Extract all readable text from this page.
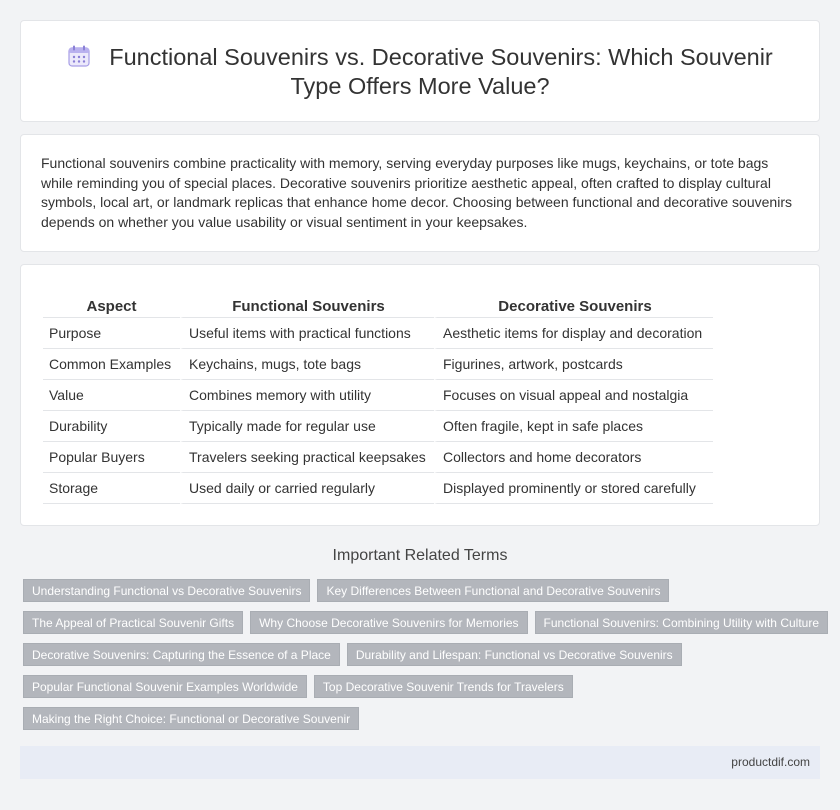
Functional Souvenirs vs. Decorative Souvenirs: Which Souvenir Type Offers More Value?

Functional souvenirs combine practicality with memory, serving everyday purposes like mugs, keychains, or tote bags while reminding you of special places. Decorative souvenirs prioritize aesthetic appeal, often crafted to display cultural symbols, local art, or landmark replicas that enhance home decor. Choosing between functional and decorative souvenirs depends on whether you value usability or visual sentiment in your keepsakes.

Aspect	Functional Souvenirs	Decorative Souvenirs
Purpose	Useful items with practical functions	Aesthetic items for display and decoration
Common Examples	Keychains, mugs, tote bags	Figurines, artwork, postcards
Value	Combines memory with utility	Focuses on visual appeal and nostalgia
Durability	Typically made for regular use	Often fragile, kept in safe places
Popular Buyers	Travelers seeking practical keepsakes	Collectors and home decorators
Storage	Used daily or carried regularly	Displayed prominently or stored carefully
Important Related Terms
Understanding Functional vs Decorative Souvenirs	Key Differences Between Functional and Decorative Souvenirs
The Appeal of Practical Souvenir Gifts	Why Choose Decorative Souvenirs for Memories	Functional Souvenirs: Combining Utility with Culture
Decorative Souvenirs: Capturing the Essence of a Place	Durability and Lifespan: Functional vs Decorative Souvenirs
Popular Functional Souvenir Examples Worldwide	Top Decorative Souvenir Trends for Travelers
Making the Right Choice: Functional or Decorative Souvenir
productdif.com
